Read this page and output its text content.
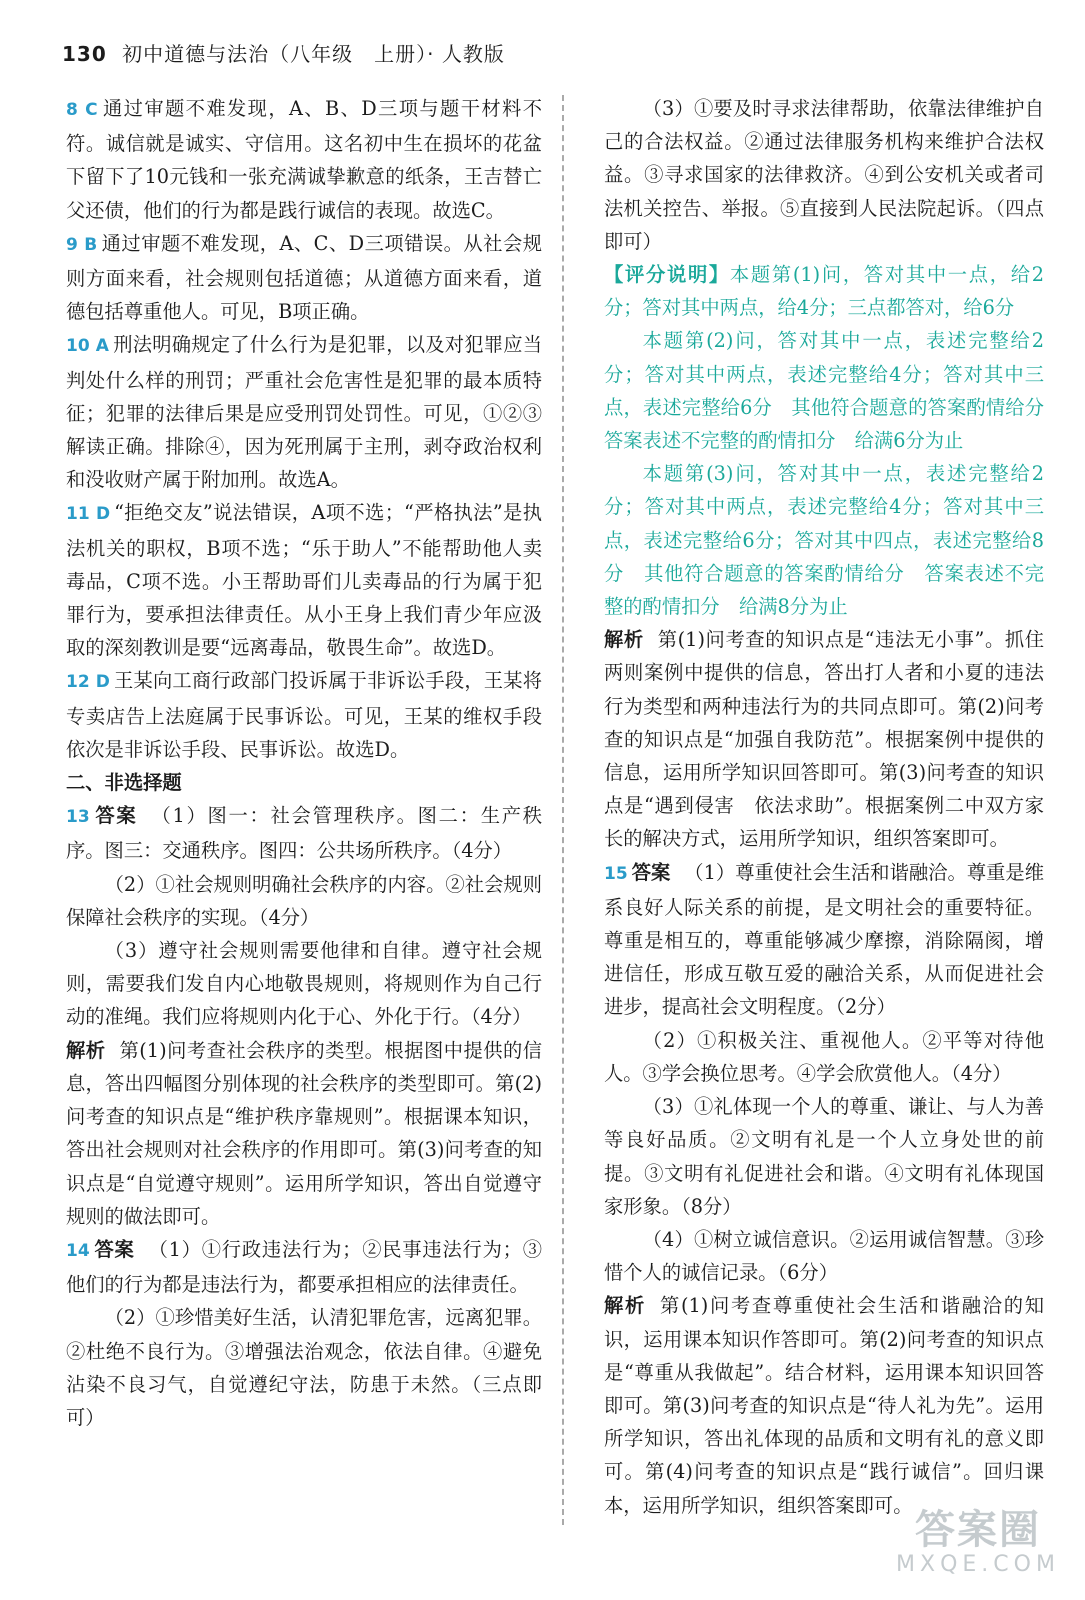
130 初中道德与法治（八年级　上册）· 人教版

8 C 通过审题不难发现，A、B、D三项与题干材料不符。诚信就是诚实、守信用。这名初中生在损坏的花盆下留下了10元钱和一张充满诚挚歉意的纸条，王吉替亡父还债，他们的行为都是践行诚信的表现。故选C。

9 B 通过审题不难发现，A、C、D三项错误。从社会规则方面来看，社会规则包括道德；从道德方面来看，道德包括尊重他人。可见，B项正确。

10 A 刑法明确规定了什么行为是犯罪，以及对犯罪应当判处什么样的刑罚；严重社会危害性是犯罪的最本质特征；犯罪的法律后果是应受刑罚处罚性。可见，①②③解读正确。排除④，因为死刑属于主刑，剥夺政治权利和没收财产属于附加刑。故选A。

11 D “拒绝交友”说法错误，A项不选；“严格执法”是执法机关的职权，B项不选；“乐于助人”不能帮助他人卖毒品，C项不选。小王帮助哥们儿卖毒品的行为属于犯罪行为，要承担法律责任。从小王身上我们青少年应汲取的深刻教训是要“远离毒品，敬畏生命”。故选D。

12 D 王某向工商行政部门投诉属于非诉讼手段，王某将专卖店告上法庭属于民事诉讼。可见，王某的维权手段依次是非诉讼手段、民事诉讼。故选D。

二、非选择题

13 答案 （1）图一：社会管理秩序。图二：生产秩序。图三：交通秩序。图四：公共场所秩序。（4分）

（2）①社会规则明确社会秩序的内容。②社会规则保障社会秩序的实现。（4分）

（3）遵守社会规则需要他律和自律。遵守社会规则，需要我们发自内心地敬畏规则，将规则作为自己行动的准绳。我们应将规则内化于心、外化于行。（4分）

解析 第(1)问考查社会秩序的类型。根据图中提供的信息，答出四幅图分别体现的社会秩序的类型即可。第(2)问考查的知识点是“维护秩序靠规则”。根据课本知识，答出社会规则对社会秩序的作用即可。第(3)问考查的知识点是“自觉遵守规则”。运用所学知识，答出自觉遵守规则的做法即可。

14 答案 （1）①行政违法行为；②民事违法行为；③他们的行为都是违法行为，都要承担相应的法律责任。

（2）①珍惜美好生活，认清犯罪危害，远离犯罪。②杜绝不良行为。③增强法治观念，依法自律。④避免沾染不良习气，自觉遵纪守法，防患于未然。（三点即可）

（3）①要及时寻求法律帮助，依靠法律维护自己的合法权益。②通过法律服务机构来维护合法权益。③寻求国家的法律救济。④到公安机关或者司法机关控告、举报。⑤直接到人民法院起诉。（四点即可）

【评分说明】本题第(1)问，答对其中一点，给2分；答对其中两点，给4分；三点都答对，给6分

本题第(2)问，答对其中一点，表述完整给2分；答对其中两点，表述完整给4分；答对其中三点，表述完整给6分　其他符合题意的答案酌情给分　答案表述不完整的酌情扣分　给满6分为止

本题第(3)问，答对其中一点，表述完整给2分；答对其中两点，表述完整给4分；答对其中三点，表述完整给6分；答对其中四点，表述完整给8分　其他符合题意的答案酌情给分　答案表述不完整的酌情扣分　给满8分为止

解析 第(1)问考查的知识点是“违法无小事”。抓住两则案例中提供的信息，答出打人者和小夏的违法行为类型和两种违法行为的共同点即可。第(2)问考查的知识点是“加强自我防范”。根据案例中提供的信息，运用所学知识回答即可。第(3)问考查的知识点是“遇到侵害　依法求助”。根据案例二中双方家长的解决方式，运用所学知识，组织答案即可。

15 答案 （1）尊重使社会生活和谐融洽。尊重是维系良好人际关系的前提，是文明社会的重要特征。尊重是相互的，尊重能够减少摩擦，消除隔阂，增进信任，形成互敬互爱的融洽关系，从而促进社会进步，提高社会文明程度。（2分）

（2）①积极关注、重视他人。②平等对待他人。③学会换位思考。④学会欣赏他人。（4分）

（3）①礼体现一个人的尊重、谦让、与人为善等良好品质。②文明有礼是一个人立身处世的前提。③文明有礼促进社会和谐。④文明有礼体现国家形象。（8分）

（4）①树立诚信意识。②运用诚信智慧。③珍惜个人的诚信记录。（6分）

解析 第(1)问考查尊重使社会生活和谐融洽的知识，运用课本知识作答即可。第(2)问考查的知识点是“尊重从我做起”。结合材料，运用课本知识回答即可。第(3)问考查的知识点是“待人礼为先”。运用所学知识，答出礼体现的品质和文明有礼的意义即可。第(4)问考查的知识点是“践行诚信”。回归课本，运用所学知识，组织答案即可。

答案圈
MXQE.COM
